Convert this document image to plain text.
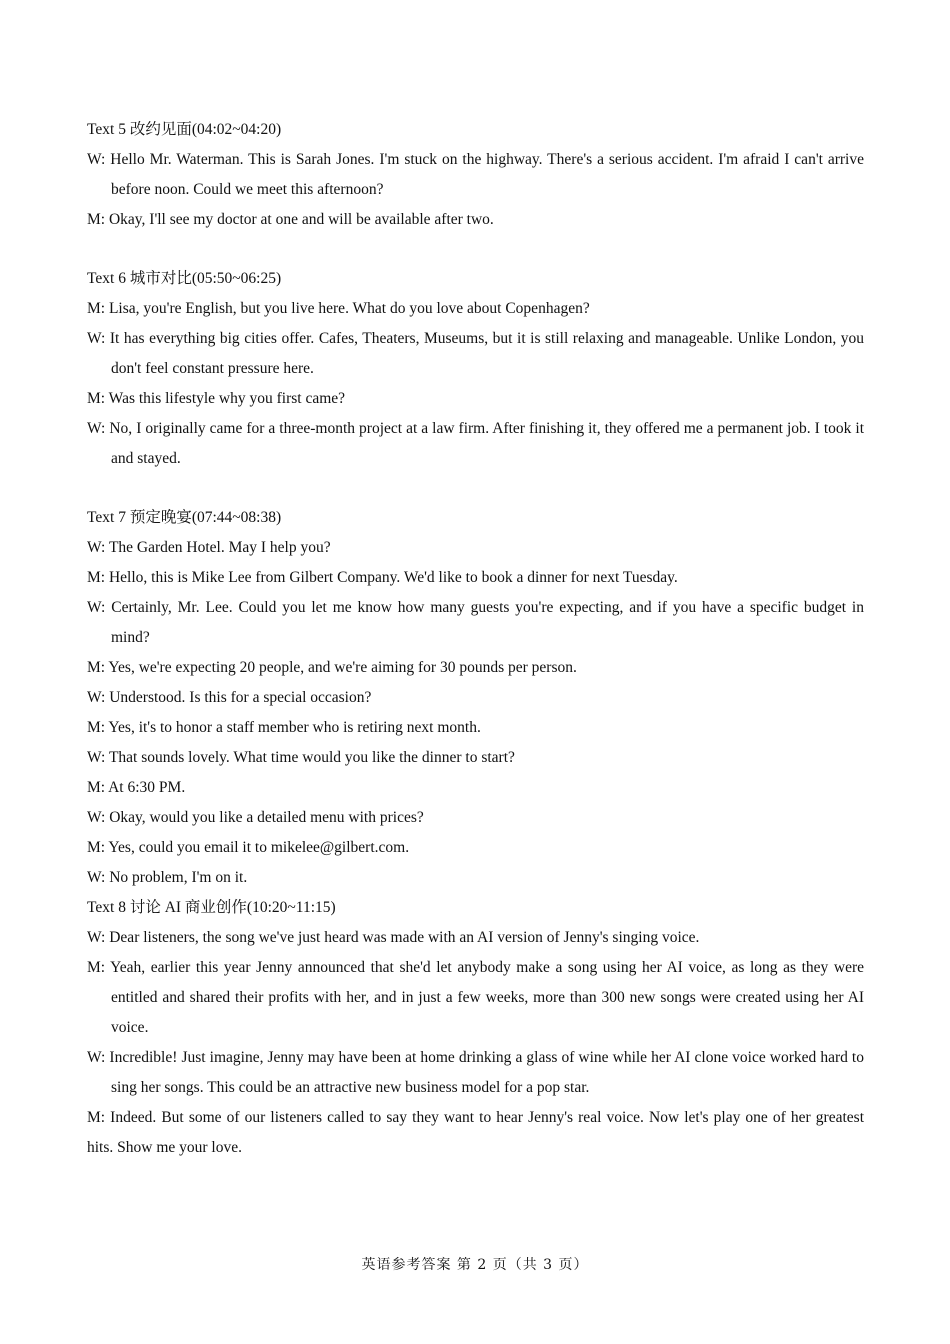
Text 5 改约见面(04:02~04:20)
W: Hello Mr. Waterman. This is Sarah Jones. I'm stuck on the highway. There's a serious accident. I'm afraid I can't arrive before noon. Could we meet this afternoon?
M: Okay, I'll see my doctor at one and will be available after two.
Text 6 城市对比(05:50~06:25)
M: Lisa, you're English, but you live here. What do you love about Copenhagen?
W: It has everything big cities offer. Cafes, Theaters, Museums, but it is still relaxing and manageable. Unlike London, you don't feel constant pressure here.
M: Was this lifestyle why you first came?
W: No, I originally came for a three-month project at a law firm. After finishing it, they offered me a permanent job. I took it and stayed.
Text 7 预定晚宴(07:44~08:38)
W: The Garden Hotel. May I help you?
M: Hello, this is Mike Lee from Gilbert Company. We'd like to book a dinner for next Tuesday.
W: Certainly, Mr. Lee. Could you let me know how many guests you're expecting, and if you have a specific budget in mind?
M: Yes, we're expecting 20 people, and we're aiming for 30 pounds per person.
W: Understood. Is this for a special occasion?
M: Yes, it's to honor a staff member who is retiring next month.
W: That sounds lovely. What time would you like the dinner to start?
M: At 6:30 PM.
W: Okay, would you like a detailed menu with prices?
M: Yes, could you email it to mikelee@gilbert.com.
W: No problem, I'm on it.
Text 8 讨论 AI 商业创作(10:20~11:15)
W: Dear listeners, the song we've just heard was made with an AI version of Jenny's singing voice.
M: Yeah, earlier this year Jenny announced that she'd let anybody make a song using her AI voice, as long as they were entitled and shared their profits with her, and in just a few weeks, more than 300 new songs were created using her AI voice.
W: Incredible! Just imagine, Jenny may have been at home drinking a glass of wine while her AI clone voice worked hard to sing her songs. This could be an attractive new business model for a pop star.
M: Indeed. But some of our listeners called to say they want to hear Jenny's real voice. Now let's play one of her greatest hits. Show me your love.
英语参考答案 第 2 页（共 3 页）
